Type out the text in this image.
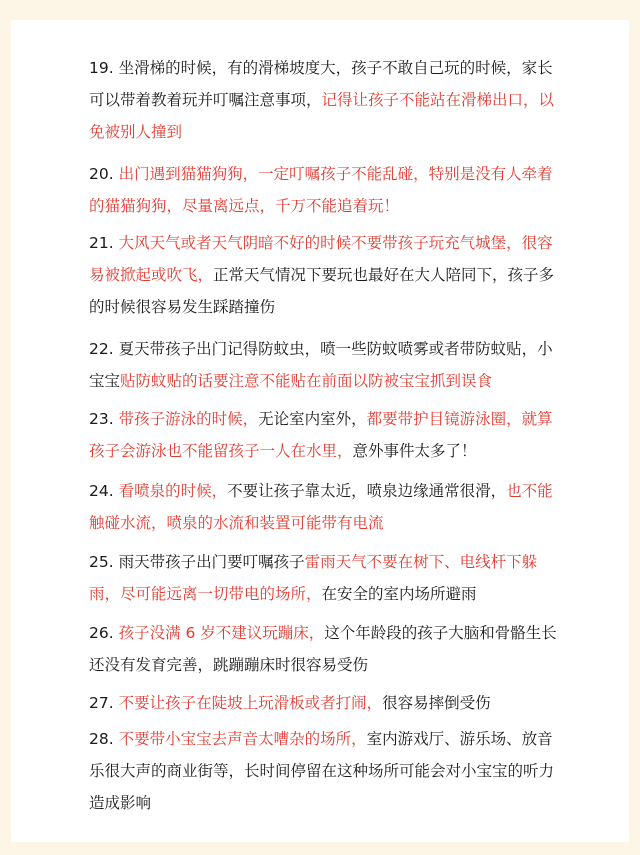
19. 坐滑梯的时候，有的滑梯坡度大，孩子不敢自己玩的时候，家长可以带着教着玩并叮嘱注意事项，记得让孩子不能站在滑梯出口，以免被别人撞到

20. 出门遇到猫猫狗狗，一定叮嘱孩子不能乱碰，特别是没有人牵着的猫猫狗狗，尽量离远点，千万不能追着玩！

21. 大风天气或者天气阴暗不好的时候不要带孩子玩充气城堡，很容易被掀起或吹飞，正常天气情况下要玩也最好在大人陪同下，孩子多的时候很容易发生踩踏撞伤

22. 夏天带孩子出门记得防蚊虫，喷一些防蚊喷雾或者带防蚊贴，小宝宝贴防蚊贴的话要注意不能贴在前面以防被宝宝抓到误食

23. 带孩子游泳的时候，无论室内室外，都要带护目镜游泳圈，就算孩子会游泳也不能留孩子一人在水里，意外事件太多了！

24. 看喷泉的时候，不要让孩子靠太近，喷泉边缘通常很滑，也不能触碰水流，喷泉的水流和装置可能带有电流

25. 雨天带孩子出门要叮嘱孩子雷雨天气不要在树下、电线杆下躲雨，尽可能远离一切带电的场所，在安全的室内场所避雨

26. 孩子没满 6 岁不建议玩蹦床，这个年龄段的孩子大脑和骨骼生长还没有发育完善，跳蹦蹦床时很容易受伤

27. 不要让孩子在陡坡上玩滑板或者打闹，很容易摔倒受伤

28. 不要带小宝宝去声音太嘈杂的场所，室内游戏厅、游乐场、放音乐很大声的商业街等，长时间停留在这种场所可能会对小宝宝的听力造成影响
